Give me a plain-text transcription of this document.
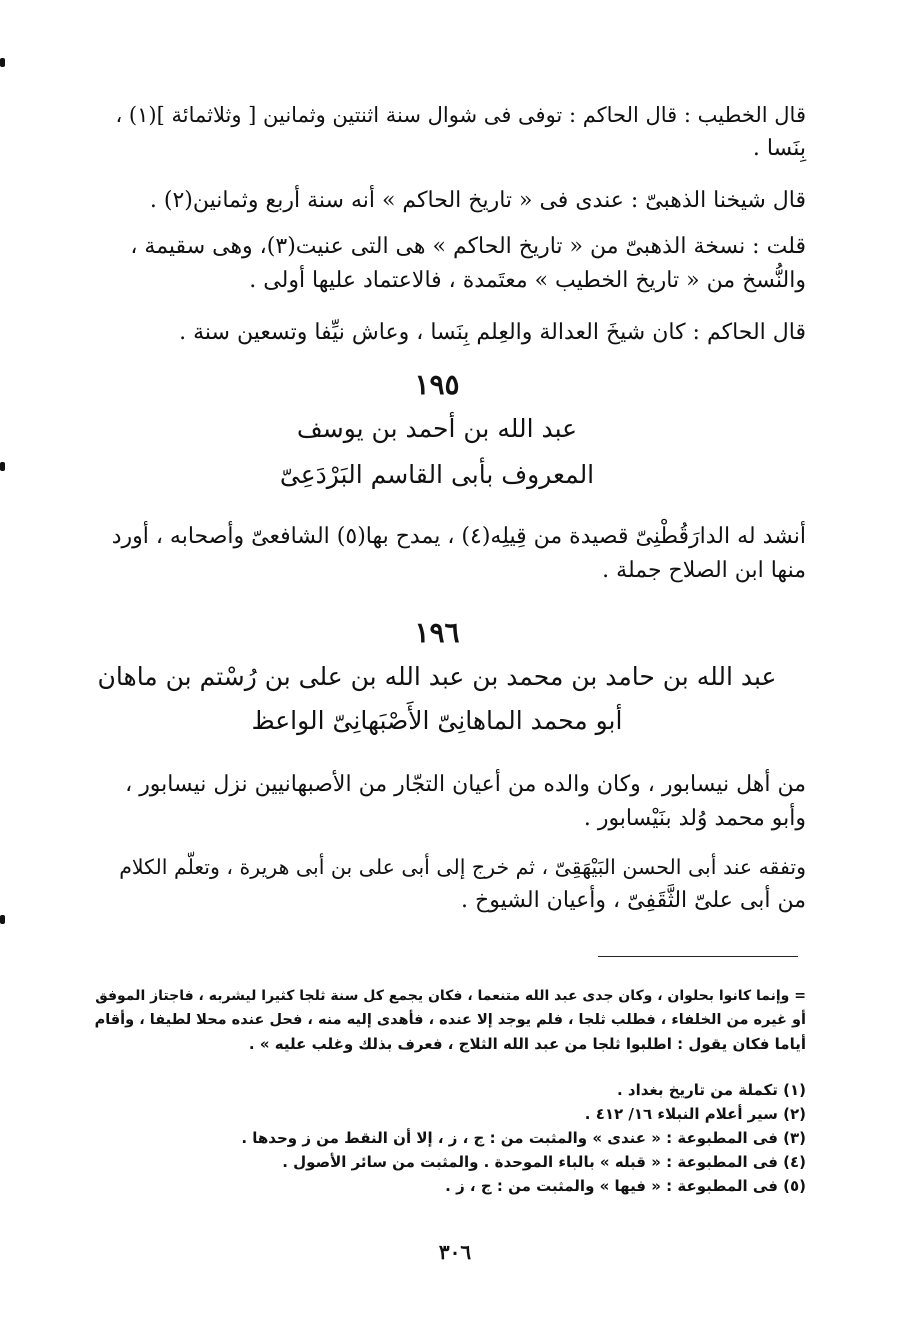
قال الخطيب : قال الحاكم : توفى فى شوال سنة اثنتين وثمانين [ وثلاثمائة ](١) ،
بِنَسا .
قال شيخنا الذهبىّ : عندى فى « تاريخ الحاكم » أنه سنة أربع وثمانين(٢) .
قلت : نسخة الذهبىّ من « تاريخ الحاكم » هى التى عنيت(٣)، وهى سقيمة ،
والنُّسخ من « تاريخ الخطيب » معتَمدة ، فالاعتماد عليها أولى .
قال الحاكم : كان شيخَ العدالة والعِلم بِنَسا ، وعاش نيِّفا وتسعين سنة .
١٩٥
عبد الله بن أحمد بن يوسف
المعروف بأبى القاسم البَرْدَعِىّ
أنشد له الدارَقُطْنِىّ قصيدة من قِيلِه(٤) ، يمدح بها(٥) الشافعىّ وأصحابه ، أورد
منها ابن الصلاح جملة .
١٩٦
عبد الله بن حامد بن محمد بن عبد الله بن على بن رُسْتم بن ماهان
أبو محمد الماهانِىّ الأَصْبَهانِىّ الواعظ
من أهل نيسابور ، وكان والده من أعيان التجّار من الأصبهانيين نزل نيسابور ،
وأبو محمد وُلد بنَيْسابور .
وتفقه عند أبى الحسن البَيْهَقِىّ ، ثم خرج إلى أبى على بن أبى هريرة ، وتعلّم الكلام
من أبى علىّ الثَّقَفِىّ ، وأعيان الشيوخ .
= وإنما كانوا بحلوان ، وكان جدى عبد الله متنعما ، فكان يجمع كل سنة ثلجا كثيرا ليشربه ، فاجتاز الموفق
أو غيره من الخلفاء ، فطلب ثلجا ، فلم يوجد إلا عنده ، فأهدى إليه منه ، فحل عنده محلا لطيفا ، وأقام
أياما فكان يقول : اطلبوا ثلجا من عبد الله الثلاج ، فعرف بذلك وغلب عليه » .
(١) تكملة من تاريخ بغداد .
(٢) سير أعلام النبلاء ١٦/ ٤١٢ .
(٣) فى المطبوعة : « عندى » والمثبت من : ج ، ز ، إلا أن النقط من ز وحدها .
(٤) فى المطبوعة : « قبله » بالباء الموحدة . والمثبت من سائر الأصول .
(٥) فى المطبوعة : « فيها » والمثبت من : ج ، ز .
٣٠٦
